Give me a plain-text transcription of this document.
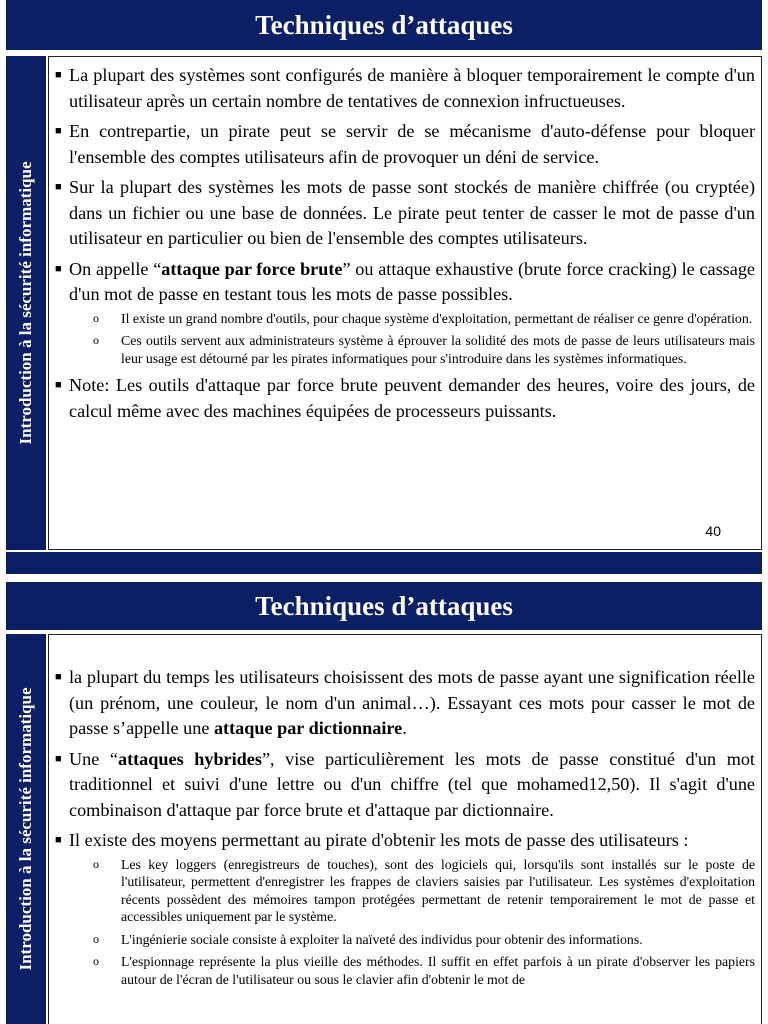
Techniques d’attaques
Introduction à la sécurité informatique
■ La plupart des systèmes sont configurés de manière à bloquer temporairement le compte d'un utilisateur après un certain nombre de tentatives de connexion infructueuses.
■ En contrepartie, un pirate peut se servir de se mécanisme d'auto-défense pour bloquer l'ensemble des comptes utilisateurs afin de provoquer un déni de service.
■ Sur la plupart des systèmes les mots de passe sont stockés de manière chiffrée (ou cryptée) dans un fichier ou une base de données. Le pirate peut tenter de casser le mot de passe d'un utilisateur en particulier ou bien de l'ensemble des comptes utilisateurs.
■ On appelle “attaque par force brute” ou attaque exhaustive (brute force cracking) le cassage d'un mot de passe en testant tous les mots de passe possibles.
o Il existe un grand nombre d'outils, pour chaque système d'exploitation, permettant de réaliser ce genre d'opération.
o Ces outils servent aux administrateurs système à éprouver la solidité des mots de passe de leurs utilisateurs mais leur usage est détourné par les pirates informatiques pour s'introduire dans les systèmes informatiques.
■ Note: Les outils d'attaque par force brute peuvent demander des heures, voire des jours, de calcul même avec des machines équipées de processeurs puissants.
40
Techniques d’attaques
Introduction à la sécurité informatique
■ la plupart du temps les utilisateurs choisissent des mots de passe ayant une signification réelle (un prénom, une couleur, le nom d'un animal…). Essayant ces mots pour casser le mot de passe s’appelle une attaque par dictionnaire.
■ Une “attaques hybrides”, vise particulièrement les mots de passe constitué d'un mot traditionnel et suivi d'une lettre ou d'un chiffre (tel que mohamed12,50). Il s'agit d'une combinaison d'attaque par force brute et d'attaque par dictionnaire.
■ Il existe des moyens permettant au pirate d'obtenir les mots de passe des utilisateurs :
o Les key loggers (enregistreurs de touches), sont des logiciels qui, lorsqu'ils sont installés sur le poste de l'utilisateur, permettent d'enregistrer les frappes de claviers saisies par l'utilisateur. Les systèmes d'exploitation récents possèdent des mémoires tampon protégées permettant de retenir temporairement le mot de passe et accessibles uniquement par le système.
o L'ingénierie sociale consiste à exploiter la naïveté des individus pour obtenir des informations.
o L'espionnage représente la plus vieille des méthodes. Il suffit en effet parfois à un pirate d'observer les papiers autour de l'écran de l'utilisateur ou sous le clavier afin d'obtenir le mot de
